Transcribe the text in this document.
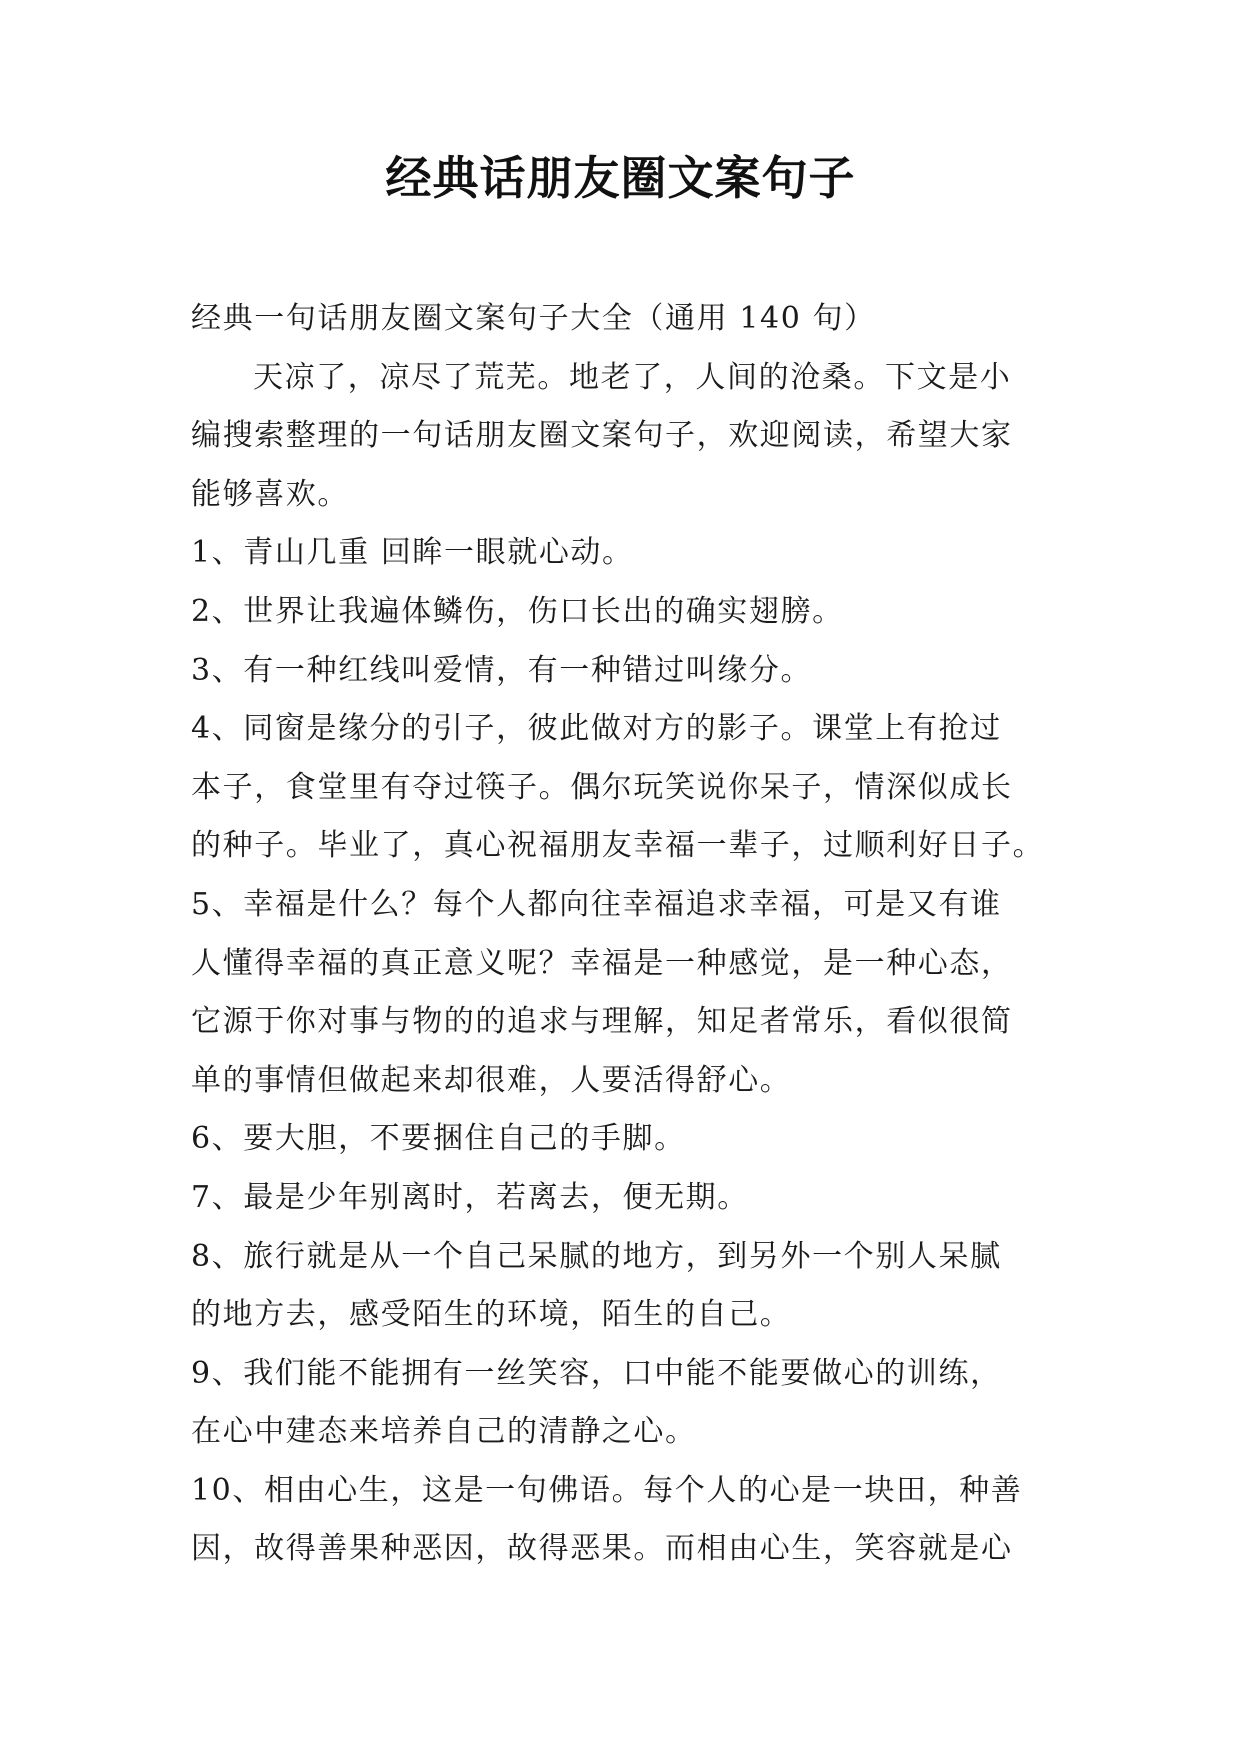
经典话朋友圈文案句子
经典一句话朋友圈文案句子大全（通用 140 句）
天凉了，凉尽了荒芜。地老了，人间的沧桑。下文是小
编搜索整理的一句话朋友圈文案句子，欢迎阅读，希望大家
能够喜欢。
1、青山几重 回眸一眼就心动。
2、世界让我遍体鳞伤，伤口长出的确实翅膀。
3、有一种红线叫爱情，有一种错过叫缘分。
4、同窗是缘分的引子，彼此做对方的影子。课堂上有抢过
本子，食堂里有夺过筷子。偶尔玩笑说你呆子，情深似成长
的种子。毕业了，真心祝福朋友幸福一辈子，过顺利好日子。
5、幸福是什么？每个人都向往幸福追求幸福，可是又有谁
人懂得幸福的真正意义呢？幸福是一种感觉，是一种心态，
它源于你对事与物的的追求与理解，知足者常乐，看似很简
单的事情但做起来却很难，人要活得舒心。
6、要大胆，不要捆住自己的手脚。
7、最是少年别离时，若离去，便无期。
8、旅行就是从一个自己呆腻的地方，到另外一个别人呆腻
的地方去，感受陌生的环境，陌生的自己。
9、我们能不能拥有一丝笑容，口中能不能要做心的训练，
在心中建态来培养自己的清静之心。
10、相由心生，这是一句佛语。每个人的心是一块田，种善
因，故得善果种恶因，故得恶果。而相由心生，笑容就是心
